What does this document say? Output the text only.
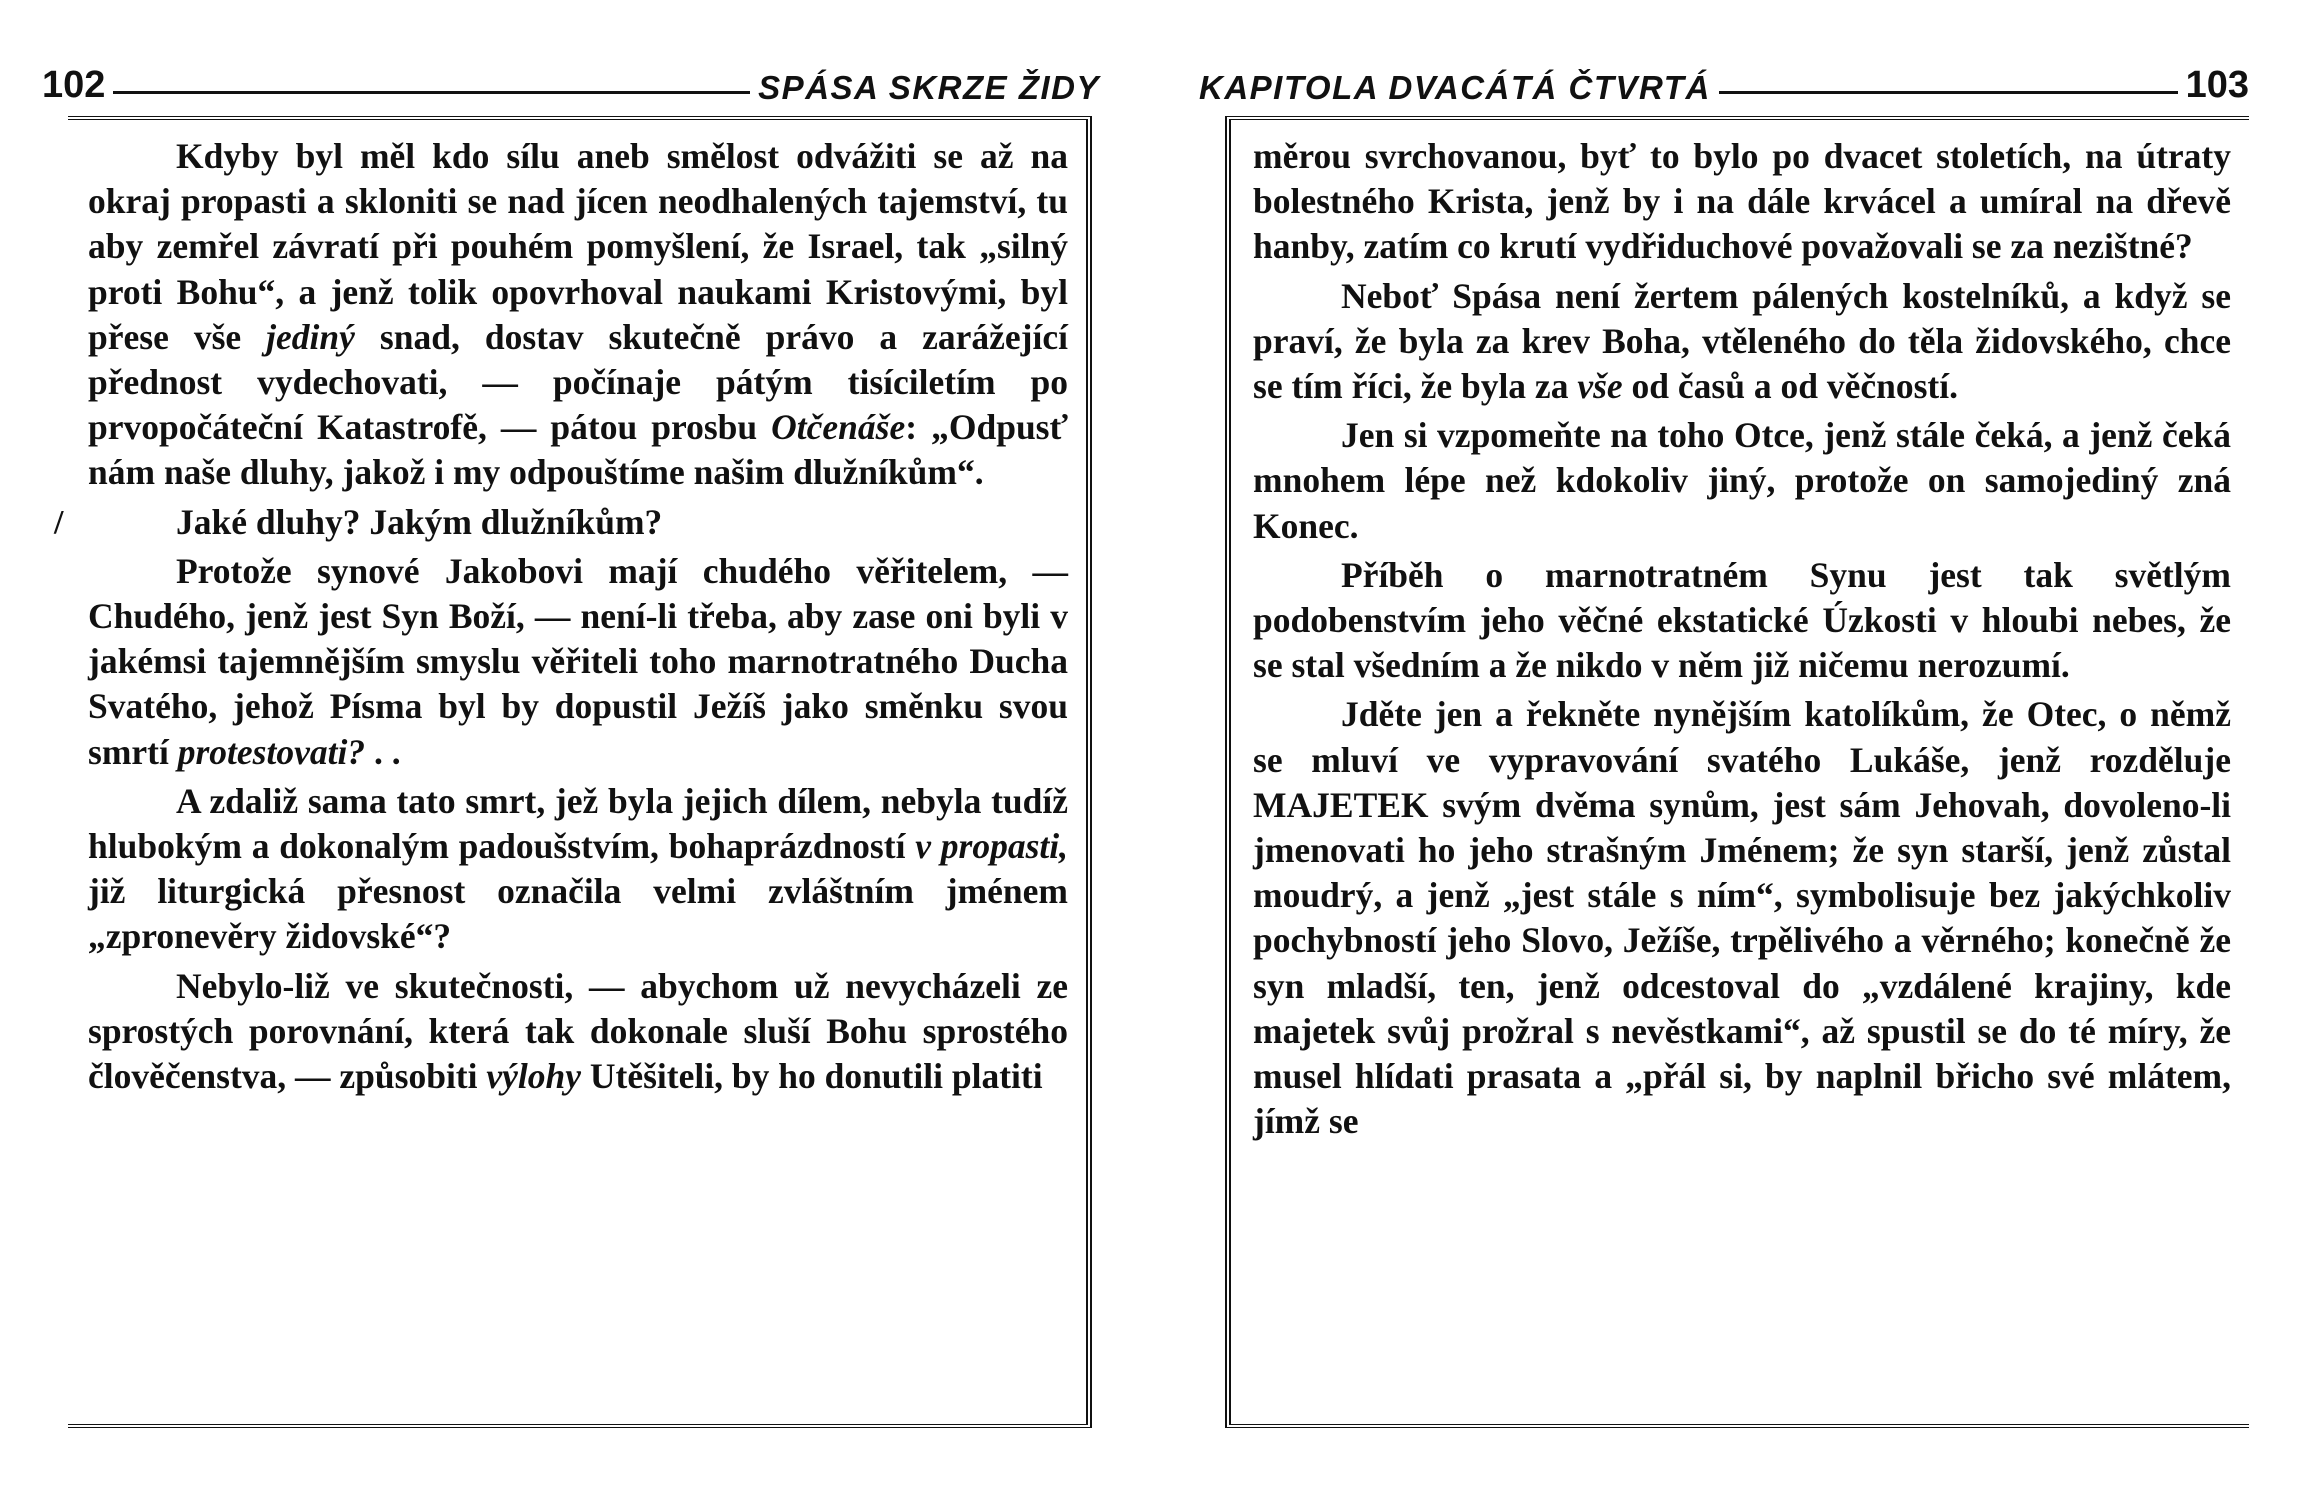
102	SPÁSA SKRZE ŽIDY

Kdyby byl měl kdo sílu aneb smělost odvážiti se až na okraj propasti a skloniti se nad jícen neodhalených tajemství, tu aby zemřel závratí při pouhém pomyšlení, že Israel, tak „silný proti Bohu“, a jenž tolik opovrhoval naukami Kristovými, byl přese vše jediný snad, dostav skutečně právo a zarážející přednost vydechovati, — počínaje pátým tisíciletím po prvopočáteční Katastrofě, — pátou prosbu Otčenáše: „Odpusť nám naše dluhy, jakož i my odpouštíme našim dlužníkům“.

Jaké dluhy? Jakým dlužníkům?

Protože synové Jakobovi mají chudého věřitelem, — Chudého, jenž jest Syn Boží, — není-li třeba, aby zase oni byli v jakémsi tajemnějším smyslu věřiteli toho marnotratného Ducha Svatého, jehož Písma byl by dopustil Ježíš jako směnku svou smrtí protestovati? . .

A zdaliž sama tato smrt, jež byla jejich dílem, nebyla tudíž hlubokým a dokonalým padoušstvím, bohaprázdností v propasti, již liturgická přesnost označila velmi zvláštním jménem „zpronevěry židovské“?

Nebylo-liž ve skutečnosti, — abychom už nevycházeli ze sprostých porovnání, která tak dokonale sluší Bohu sprostého člověčenstva, — způsobiti výlohy Utěšiteli, by ho donutili platiti

/
KAPITOLA DVACÁTÁ ČTVRTÁ	103

měrou svrchovanou, byť to bylo po dvacet stoletích, na útraty bolestného Krista, jenž by i na dále krvácel a umíral na dřevě hanby, zatím co krutí vydřiduchové považovali se za nezištné?

Neboť Spása není žertem pálených kostelníků, a když se praví, že byla za krev Boha, vtěleného do těla židovského, chce se tím říci, že byla za vše od časů a od věčností.

Jen si vzpomeňte na toho Otce, jenž stále čeká, a jenž čeká mnohem lépe než kdokoliv jiný, protože on samojediný zná Konec.

Příběh o marnotratném Synu jest tak světlým podobenstvím jeho věčné ekstatické Úzkosti v hloubi nebes, že se stal všedním a že nikdo v něm již ničemu nerozumí.

Jděte jen a řekněte nynějším katolíkům, že Otec, o němž se mluví ve vypravování svatého Lukáše, jenž rozděluje MAJETEK svým dvěma synům, jest sám Jehovah, dovoleno-li jmenovati ho jeho strašným Jménem; že syn starší, jenž zůstal moudrý, a jenž „jest stále s ním“, symbolisuje bez jakýchkoliv pochybností jeho Slovo, Ježíše, trpělivého a věrného; konečně že syn mladší, ten, jenž odcestoval do „vzdálené krajiny, kde majetek svůj prožral s nevěstkami“, až spustil se do té míry, že musel hlídati prasata a „přál si, by naplnil břicho své mlátem, jímž se
